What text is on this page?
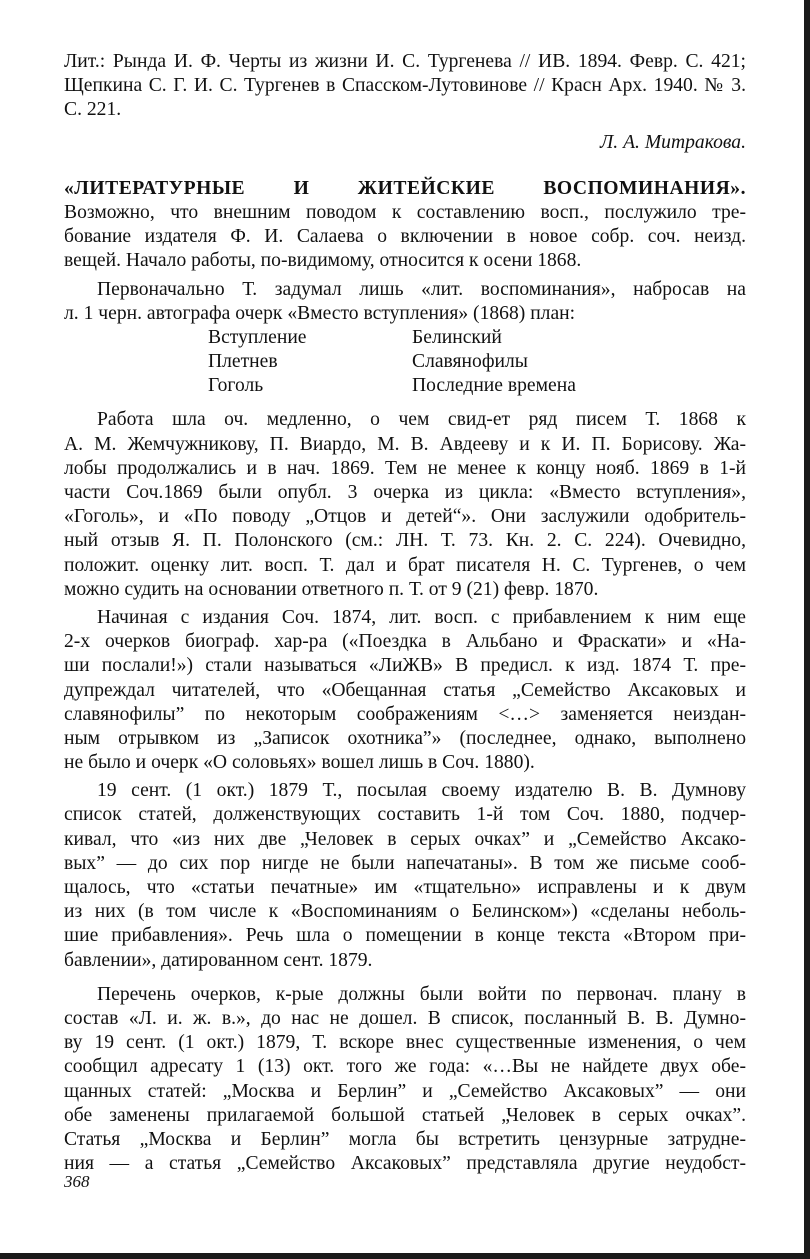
Лит.: Рында И. Ф. Черты из жизни И. С. Тургенева // ИВ. 1894. Февр. С. 421;
Щепкина С. Г. И. С. Тургенев в Спасском-Лутовинове // Красн Арх. 1940. № 3.
С. 221.
Л. А. Митракова.
«ЛИТЕРАТУРНЫЕ И ЖИТЕЙСКИЕ ВОСПОМИНАНИЯ».
Возможно, что внешним поводом к составлению восп., послужило тре-
бование издателя Ф. И. Салаева о включении в новое собр. соч. неизд.
вещей. Начало работы, по-видимому, относится к осени 1868.
Первоначально Т. задумал лишь «лит. воспоминания», набросав на
л. 1 черн. автографа очерк «Вместо вступления» (1868) план:
Вступление
Плетнев
Гоголь
Белинский
Славянофилы
Последние времена
Работа шла оч. медленно, о чем свид-ет ряд писем Т. 1868 к
А. М. Жемчужникову, П. Виардо, М. В. Авдееву и к И. П. Борисову. Жа-
лобы продолжались и в нач. 1869. Тем не менее к концу нояб. 1869 в 1-й
части Соч.1869 были опубл. 3 очерка из цикла: «Вместо вступления»,
«Гоголь», и «По поводу „Отцов и детей“». Они заслужили одобритель-
ный отзыв Я. П. Полонского (см.: ЛН. Т. 73. Кн. 2. С. 224). Очевидно,
положит. оценку лит. восп. Т. дал и брат писателя Н. С. Тургенев, о чем
можно судить на основании ответного п. Т. от 9 (21) февр. 1870.
Начиная с издания Соч. 1874, лит. восп. с прибавлением к ним еще
2-х очерков биограф. хар-ра («Поездка в Альбано и Фраскати» и «На-
ши послали!») стали называться «ЛиЖВ» В предисл. к изд. 1874 Т. пре-
дупреждал читателей, что «Обещанная статья „Семейство Аксаковых и
славянофилы” по некоторым соображениям <…> заменяется неиздан-
ным отрывком из „Записок охотника”» (последнее, однако, выполнено
не было и очерк «О соловьях» вошел лишь в Соч. 1880).
19 сент. (1 окт.) 1879 Т., посылая своему издателю В. В. Думнову
список статей, долженствующих составить 1-й том Соч. 1880, подчер-
кивал, что «из них две „Человек в серых очках” и „Семейство Аксако-
вых” — до сих пор нигде не были напечатаны». В том же письме сооб-
щалось, что «статьи печатные» им «тщательно» исправлены и к двум
из них (в том числе к «Воспоминаниям о Белинском») «сделаны неболь-
шие прибавления». Речь шла о помещении в конце текста «Втором при-
бавлении», датированном сент. 1879.
Перечень очерков, к-рые должны были войти по первонач. плану в
состав «Л. и. ж. в.», до нас не дошел. В список, посланный В. В. Думно-
ву 19 сент. (1 окт.) 1879, Т. вскоре внес существенные изменения, о чем
сообщил адресату 1 (13) окт. того же года: «…Вы не найдете двух обе-
щанных статей: „Москва и Берлин” и „Семейство Аксаковых” — они
обе заменены прилагаемой большой статьей „Человек в серых очках”.
Статья „Москва и Берлин” могла бы встретить цензурные затрудне-
ния — а статья „Семейство Аксаковых” представляла другие неудобст-
368
